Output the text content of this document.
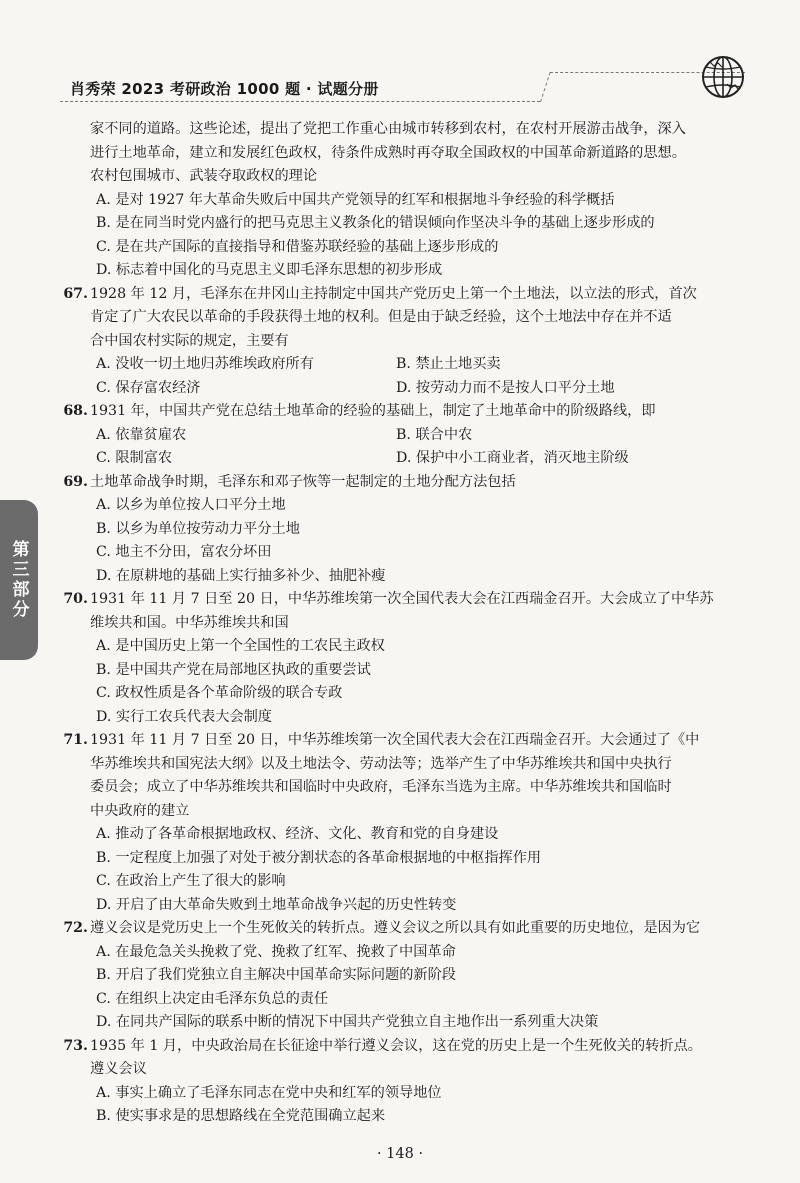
肖秀荣 2023 考研政治 1000 题 · 试题分册
第三部分

家不同的道路。这些论述，提出了党把工作重心由城市转移到农村，在农村开展游击战争，深入

进行土地革命，建立和发展红色政权，待条件成熟时再夺取全国政权的中国革命新道路的思想。

农村包围城市、武装夺取政权的理论

A. 是对 1927 年大革命失败后中国共产党领导的红军和根据地斗争经验的科学概括

B. 是在同当时党内盛行的把马克思主义教条化的错误倾向作坚决斗争的基础上逐步形成的

C. 是在共产国际的直接指导和借鉴苏联经验的基础上逐步形成的

D. 标志着中国化的马克思主义即毛泽东思想的初步形成

67. 1928 年 12 月，毛泽东在井冈山主持制定中国共产党历史上第一个土地法，以立法的形式，首次

肯定了广大农民以革命的手段获得土地的权利。但是由于缺乏经验，这个土地法中存在并不适

合中国农村实际的规定，主要有

A. 没收一切土地归苏维埃政府所有	B. 禁止土地买卖
C. 保存富农经济	D. 按劳动力而不是按人口平分土地
68. 1931 年，中国共产党在总结土地革命的经验的基础上，制定了土地革命中的阶级路线，即

A. 依靠贫雇农	B. 联合中农
C. 限制富农	D. 保护中小工商业者，消灭地主阶级
69. 土地革命战争时期，毛泽东和邓子恢等一起制定的土地分配方法包括

A. 以乡为单位按人口平分土地

B. 以乡为单位按劳动力平分土地

C. 地主不分田，富农分坏田

D. 在原耕地的基础上实行抽多补少、抽肥补瘦

70. 1931 年 11 月 7 日至 20 日，中华苏维埃第一次全国代表大会在江西瑞金召开。大会成立了中华苏

维埃共和国。中华苏维埃共和国

A. 是中国历史上第一个全国性的工农民主政权

B. 是中国共产党在局部地区执政的重要尝试

C. 政权性质是各个革命阶级的联合专政

D. 实行工农兵代表大会制度

71. 1931 年 11 月 7 日至 20 日，中华苏维埃第一次全国代表大会在江西瑞金召开。大会通过了《中

华苏维埃共和国宪法大纲》以及土地法令、劳动法等；选举产生了中华苏维埃共和国中央执行

委员会；成立了中华苏维埃共和国临时中央政府，毛泽东当选为主席。中华苏维埃共和国临时

中央政府的建立

A. 推动了各革命根据地政权、经济、文化、教育和党的自身建设

B. 一定程度上加强了对处于被分割状态的各革命根据地的中枢指挥作用

C. 在政治上产生了很大的影响

D. 开启了由大革命失败到土地革命战争兴起的历史性转变

72. 遵义会议是党历史上一个生死攸关的转折点。遵义会议之所以具有如此重要的历史地位，是因为它

A. 在最危急关头挽救了党、挽救了红军、挽救了中国革命

B. 开启了我们党独立自主解决中国革命实际问题的新阶段

C. 在组织上决定由毛泽东负总的责任

D. 在同共产国际的联系中断的情况下中国共产党独立自主地作出一系列重大决策

73. 1935 年 1 月，中央政治局在长征途中举行遵义会议，这在党的历史上是一个生死攸关的转折点。

遵义会议

A. 事实上确立了毛泽东同志在党中央和红军的领导地位

B. 使实事求是的思想路线在全党范围确立起来

· 148 ·
